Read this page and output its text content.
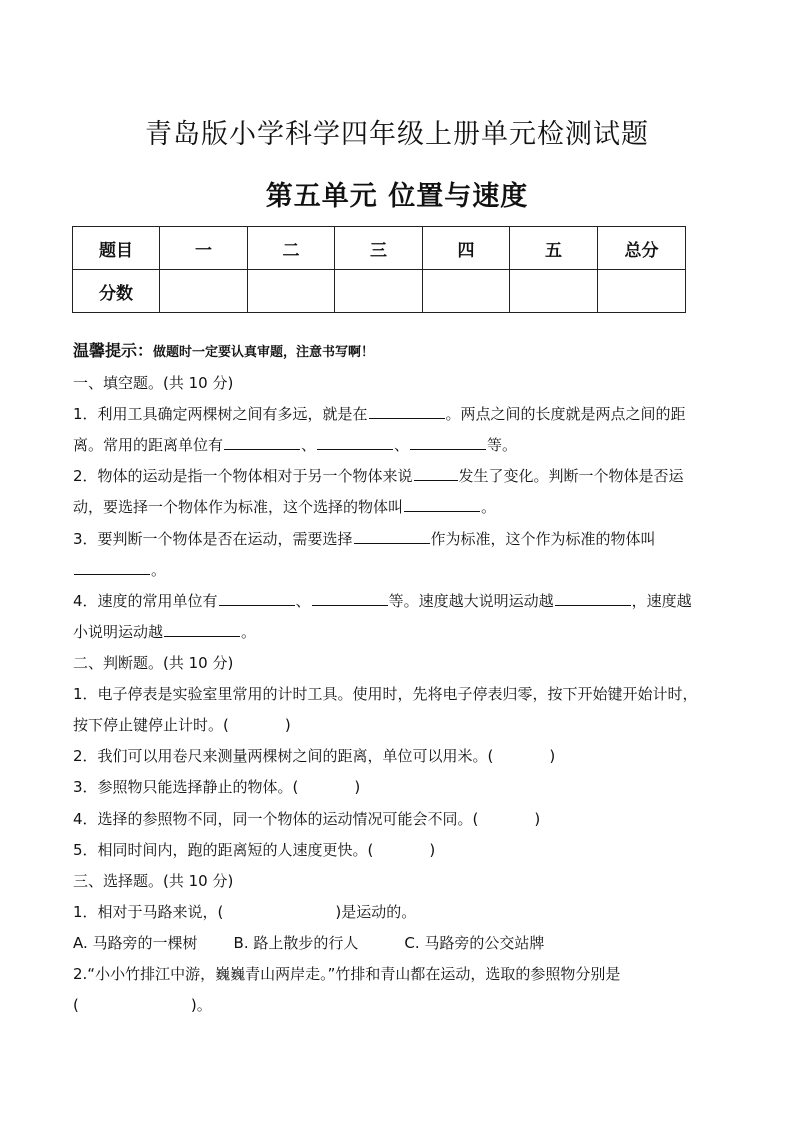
青岛版小学科学四年级上册单元检测试题
第五单元 位置与速度
题目	一	二	三	四	五	总分
分数						
温馨提示：做题时一定要认真审题，注意书写啊！
一、填空题。(共 10 分)
1．利用工具确定两棵树之间有多远，就是在	。两点之间的长度就是两点之间的距
离。常用的距离单位有	、	、	等。
2．物体的运动是指一个物体相对于另一个物体来说	发生了变化。判断一个物体是否运
动，要选择一个物体作为标准，这个选择的物体叫	。
3．要判断一个物体是否在运动，需要选择	作为标准，这个作为标准的物体叫
。
4．速度的常用单位有	、	等。速度越大说明运动越	，速度越
小说明运动越	。
二、判断题。(共 10 分)
1．电子停表是实验室里常用的计时工具。使用时，先将电子停表归零，按下开始键开始计时，
按下停止键停止计时。(	)
2．我们可以用卷尺来测量两棵树之间的距离，单位可以用米。(	)
3．参照物只能选择静止的物体。(	)
4．选择的参照物不同，同一个物体的运动情况可能会不同。(	)
5．相同时间内，跑的距离短的人速度更快。(	)
三、选择题。(共 10 分)
1．相对于马路来说，(	)是运动的。
A. 马路旁的一棵树 B. 路上散步的行人	C. 马路旁的公交站牌
2.“小小竹排江中游，巍巍青山两岸走。”竹排和青山都在运动，选取的参照物分别是
(	)。
